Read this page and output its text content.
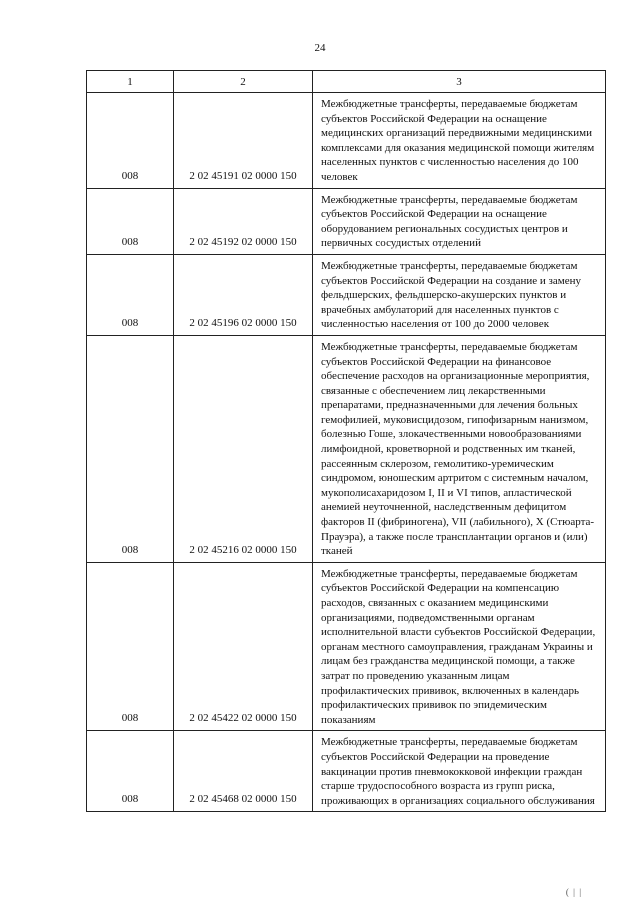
24
1	2	3
008	2 02 45191 02 0000 150	Межбюджетные трансферты, передаваемые бюджетам субъектов Российской Федерации на оснащение медицинских организаций передвижными медицинскими комплексами для оказания медицинской помощи жителям населенных пунктов с численностью населения до 100 человек
008	2 02 45192 02 0000 150	Межбюджетные трансферты, передаваемые бюджетам субъектов Российской Федерации на оснащение оборудованием региональных сосудистых центров и первичных сосудистых отделений
008	2 02 45196 02 0000 150	Межбюджетные трансферты, передаваемые бюджетам субъектов Российской Федерации на создание и замену фельдшерских, фельдшерско-акушерских пунктов и врачебных амбулаторий для населенных пунктов с численностью населения от 100 до 2000 человек
008	2 02 45216 02 0000 150	Межбюджетные трансферты, передаваемые бюджетам субъектов Российской Федерации на финансовое обеспечение расходов на организационные мероприятия, связанные с обеспечением лиц лекарственными препаратами, предназначенными для лечения больных гемофилией, муковисцидозом, гипофизарным нанизмом, болезнью Гоше, злокачественными новообразованиями лимфоидной, кроветворной и родственных им тканей, рассеянным склерозом, гемолитико-уремическим синдромом, юношеским артритом с системным началом, мукополисахаридозом I, II и VI типов, апластической анемией неуточненной, наследственным дефицитом факторов II (фибриногена), VII (лабильного), X (Стюарта-Прауэра), а также после трансплантации органов и (или) тканей
008	2 02 45422 02 0000 150	Межбюджетные трансферты, передаваемые бюджетам субъектов Российской Федерации на компенсацию расходов, связанных с оказанием медицинскими организациями, подведомственными органам исполнительной власти субъектов Российской Федерации, органам местного самоуправления, гражданам Украины и лицам без гражданства медицинской помощи, а также затрат по проведению указанным лицам профилактических прививок, включенных в календарь профилактических прививок по эпидемическим показаниям
008	2 02 45468 02 0000 150	Межбюджетные трансферты, передаваемые бюджетам субъектов Российской Федерации на проведение вакцинации против пневмококковой инфекции граждан старше трудоспособного возраста из групп риска, проживающих в организациях социального обслуживания
( | |
